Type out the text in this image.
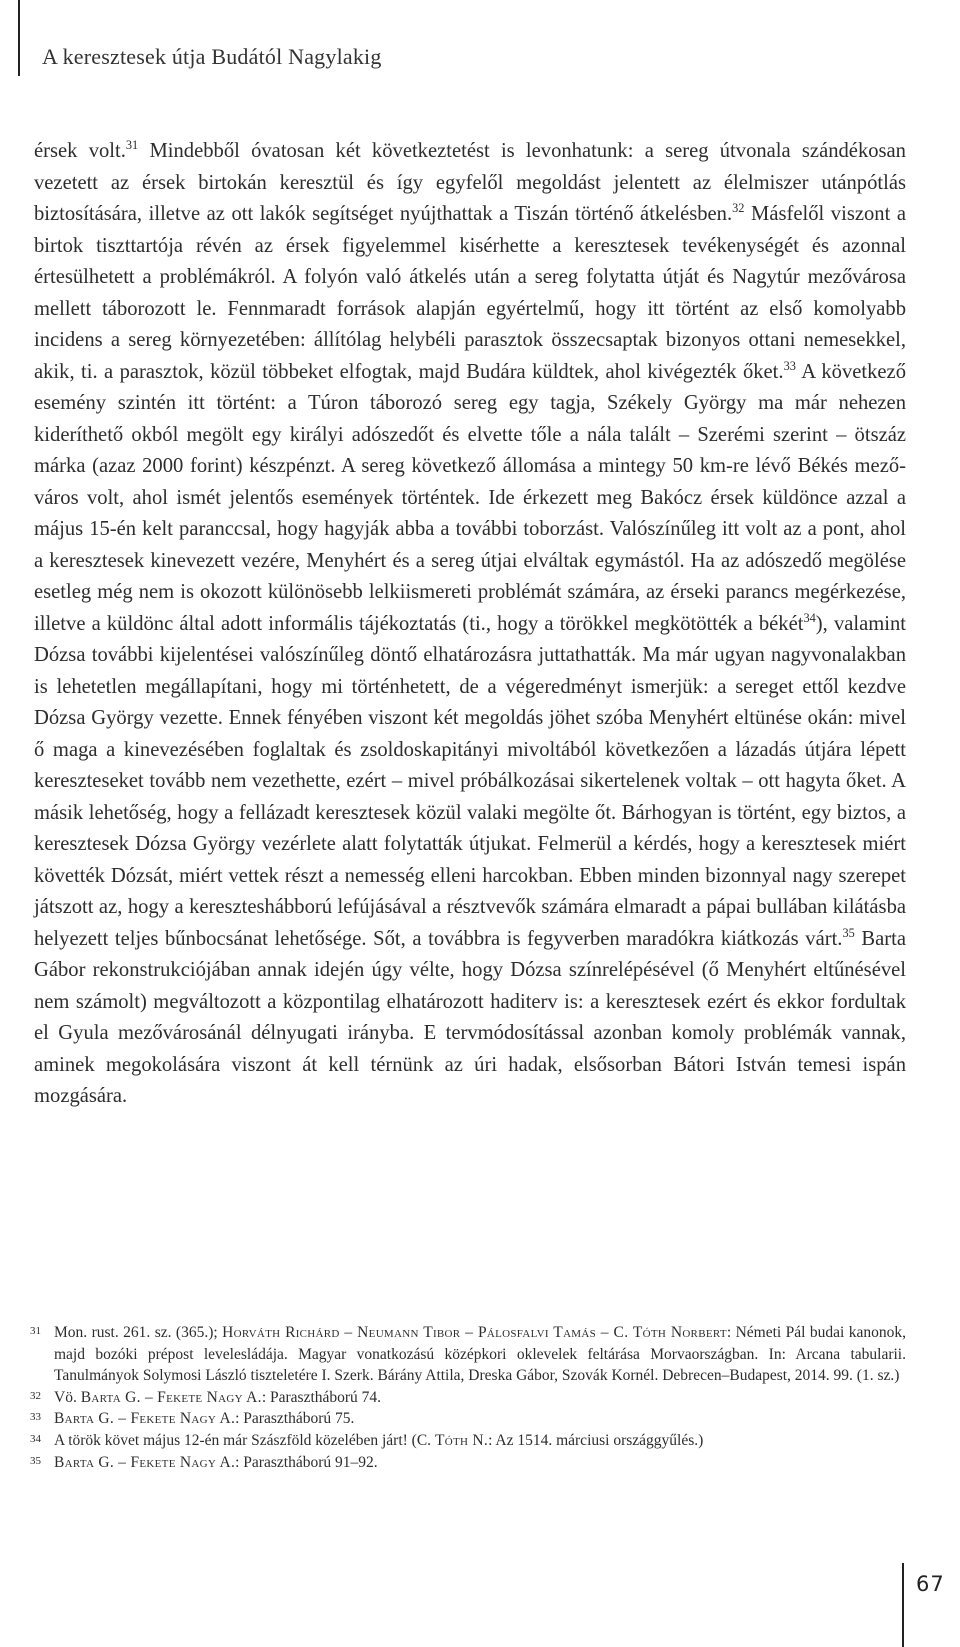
A keresztesek útja Budától Nagylakig

érsek volt.$^{31}$ Mindebből óvatosan két következtetést is levonhatunk: a sereg útvonala szándékosan vezetett az érsek birtokán keresztül és így egyfelől megoldást jelentett az élelmiszer utánpótlás biztosítására, illetve az ott lakók segítséget nyújthattak a Tiszán történő átkelésben.$^{32}$ Másfelől viszont a birtok tiszttartója révén az érsek figyelemmel kisérhette a keresztesek tevékenységét és azonnal értesülhetett a problémákról. A folyón való átkelés után a sereg folytatta útját és Nagytúr mezővárosa mellett táborozott le. Fennmaradt források alapján egyértelmű, hogy itt történt az első komolyabb incidens a sereg környezetében: állítólag helybéli parasztok összecsaptak bizonyos ottani nemesekkel, akik, ti. a parasztok, közül többeket elfogtak, majd Budára küldtek, ahol kivégezték őket.$^{33}$ A következő esemény szintén itt történt: a Túron táborozó sereg egy tagja, Székely György ma már nehezen kideríthető okból megölt egy királyi adószedőt és elvette tőle a nála talált – Szerémi szerint – ötszáz márka (azaz 2000 forint) készpénzt. A sereg következő állomása a mintegy 50 km-re lévő Békés mezőváros volt, ahol ismét jelentős események történtek. Ide érkezett meg Bakócz érsek küldönce azzal a május 15-én kelt paranccsal, hogy hagyják abba a további toborzást. Valószínűleg itt volt az a pont, ahol a keresztesek kinevezett vezére, Menyhért és a sereg útjai elváltak egymástól. Ha az adószedő megölése esetleg még nem is okozott különösebb lelkiismereti problémát számára, az érseki parancs megérkezése, illetve a küldönc által adott informális tájékoztatás (ti., hogy a törökkel megkötötték a békét$^{34}$), valamint Dózsa további kijelentései valószínűleg döntő elhatározásra juttathatták. Ma már ugyan nagyvonalakban is lehetetlen megállapítani, hogy mi történhetett, de a végeredményt ismerjük: a sereget ettől kezdve Dózsa György vezette. Ennek fényében viszont két megoldás jöhet szóba Menyhért eltünése okán: mivel ő maga a kinevezésében foglaltak és zsoldoskapitányi mivoltából következően a lázadás útjára lépett kereszteseket tovább nem vezethette, ezért – mivel próbálkozásai sikertelenek voltak – ott hagyta őket. A másik lehetőség, hogy a fellázadt keresztesek közül valaki megölte őt. Bárhogyan is történt, egy biztos, a keresztesek Dózsa György vezérlete alatt folytatták útjukat. Felmerül a kérdés, hogy a keresztesek miért követték Dózsát, miért vettek részt a nemesség elleni harcokban. Ebben minden bizonnyal nagy szerepet játszott az, hogy a kereszteshábború lefújásával a résztvevők számára elmaradt a pápai bullában kilátásba helyezett teljes bűnbocsánat lehetősége. Sőt, a továbbra is fegyverben maradókra kiátkozás várt.$^{35}$ Barta Gábor rekonstrukciójában annak idején úgy vélte, hogy Dózsa színrelépésével (ő Menyhért eltűnésével nem számolt) megváltozott a központilag elhatározott haditerv is: a keresztesek ezért és ekkor fordultak el Gyula mezővárosánál délnyugati irányba. E tervmódosítással azonban komoly problémák vannak, aminek megokolására viszont át kell térnünk az úri hadak, elsősorban Bátori István temesi ispán mozgására.

31 Mon. rust. 261. sz. (365.); Horváth Richárd – Neumann Tibor – Pálosfalvi Tamás – C. Tóth Norbert: Németi Pál budai kanonok, majd bozóki prépost levelesládája. Magyar vonatkozású középkori oklevelek feltárása Morvaországban. In: Arcana tabularii. Tanulmányok Solymosi László tiszteletére I. Szerk. Bárány Attila, Dreska Gábor, Szovák Kornél. Debrecen–Budapest, 2014. 99. (1. sz.)
32 Vö. Barta G. – Fekete Nagy A.: Parasztháború 74.
33 Barta G. – Fekete Nagy A.: Parasztháború 75.
34 A török követ május 12-én már Szászföld közelében járt! (C. Tóth N.: Az 1514. márciusi országgyűlés.)
35 Barta G. – Fekete Nagy A.: Parasztháború 91–92.
67
